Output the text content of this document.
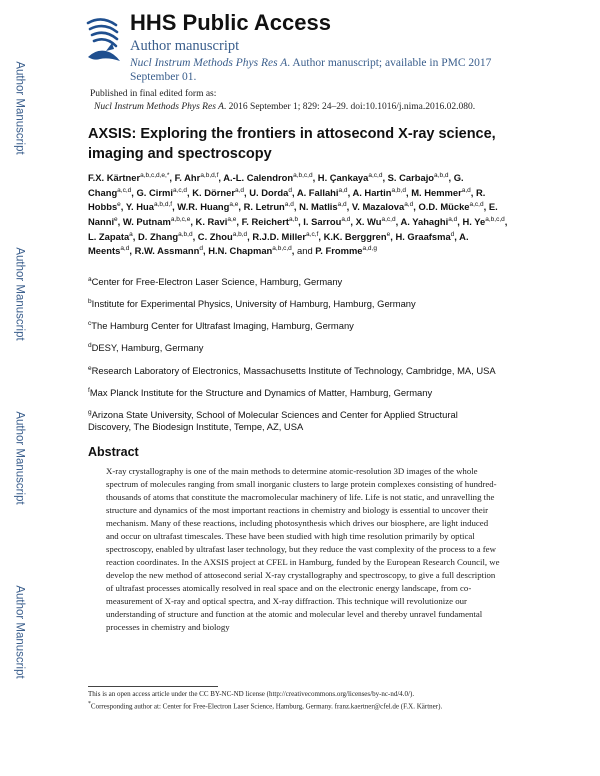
Author Manuscript
Author Manuscript
Author Manuscript
Author Manuscript
HHS Public Access
Author manuscript
Nucl Instrum Methods Phys Res A. Author manuscript; available in PMC 2017 September 01.
Published in final edited form as:
Nucl Instrum Methods Phys Res A. 2016 September 1; 829: 24–29. doi:10.1016/j.nima.2016.02.080.
AXSIS: Exploring the frontiers in attosecond X-ray science, imaging and spectroscopy
F.X. Kärtner$^{a,b,c,d,e,*}$, F. Ahr$^{a,b,d,f}$, A.-L. Calendron$^{a,b,c,d}$, H. Çankaya$^{a,c,d}$, S. Carbajo$^{a,b,d}$, G. Chang$^{a,c,d}$, G. Cirmi$^{a,c,d}$, K. Dörner$^{a,d}$, U. Dorda$^d$, A. Fallahi$^{a,d}$, A. Hartin$^{a,b,d}$, M. Hemmer$^{a,d}$, R. Hobbs$^e$, Y. Hua$^{a,b,d,f}$, W.R. Huang$^{a,e}$, R. Letrun$^{a,d}$, N. Matlis$^{a,d}$, V. Mazalova$^{a,d}$, O.D. Mücke$^{a,c,d}$, E. Nanni$^e$, W. Putnam$^{a,b,c,e}$, K. Ravi$^{a,e}$, F. Reichert$^{a,b}$, I. Sarrou$^{a,d}$, X. Wu$^{a,c,d}$, A. Yahaghi$^{a,d}$, H. Ye$^{a,b,c,d}$, L. Zapata$^a$, D. Zhang$^{a,b,d}$, C. Zhou$^{a,b,d}$, R.J.D. Miller$^{a,c,f}$, K.K. Berggren$^e$, H. Graafsma$^d$, A. Meents$^{a,d}$, R.W. Assmann$^d$, H.N. Chapman$^{a,b,c,d}$, and P. Fromme$^{a,d,g}$
$^a$Center for Free-Electron Laser Science, Hamburg, Germany
$^b$Institute for Experimental Physics, University of Hamburg, Hamburg, Germany
$^c$The Hamburg Center for Ultrafast Imaging, Hamburg, Germany
$^d$DESY, Hamburg, Germany
$^e$Research Laboratory of Electronics, Massachusetts Institute of Technology, Cambridge, MA, USA
$^f$Max Planck Institute for the Structure and Dynamics of Matter, Hamburg, Germany
$^g$Arizona State University, School of Molecular Sciences and Center for Applied Structural Discovery, The Biodesign Institute, Tempe, AZ, USA
Abstract
X-ray crystallography is one of the main methods to determine atomic-resolution 3D images of the whole spectrum of molecules ranging from small inorganic clusters to large protein complexes consisting of hundred-thousands of atoms that constitute the macromolecular machinery of life. Life is not static, and unravelling the structure and dynamics of the most important reactions in chemistry and biology is essential to uncover their mechanism. Many of these reactions, including photosynthesis which drives our biosphere, are light induced and occur on ultrafast timescales. These have been studied with high time resolution primarily by optical spectroscopy, enabled by ultrafast laser technology, but they reduce the vast complexity of the process to a few reaction coordinates. In the AXSIS project at CFEL in Hamburg, funded by the European Research Council, we develop the new method of attosecond serial X-ray crystallography and spectroscopy, to give a full description of ultrafast processes atomically resolved in real space and on the electronic energy landscape, from co-measurement of X-ray and optical spectra, and X-ray diffraction. This technique will revolutionize our understanding of structure and function at the atomic and molecular level and thereby unravel fundamental processes in chemistry and biology
This is an open access article under the CC BY-NC-ND license (http://creativecommons.org/licenses/by-nc-nd/4.0/).
*Corresponding author at: Center for Free-Electron Laser Science, Hamburg, Germany. franz.kaertner@cfel.de (F.X. Kärtner).
